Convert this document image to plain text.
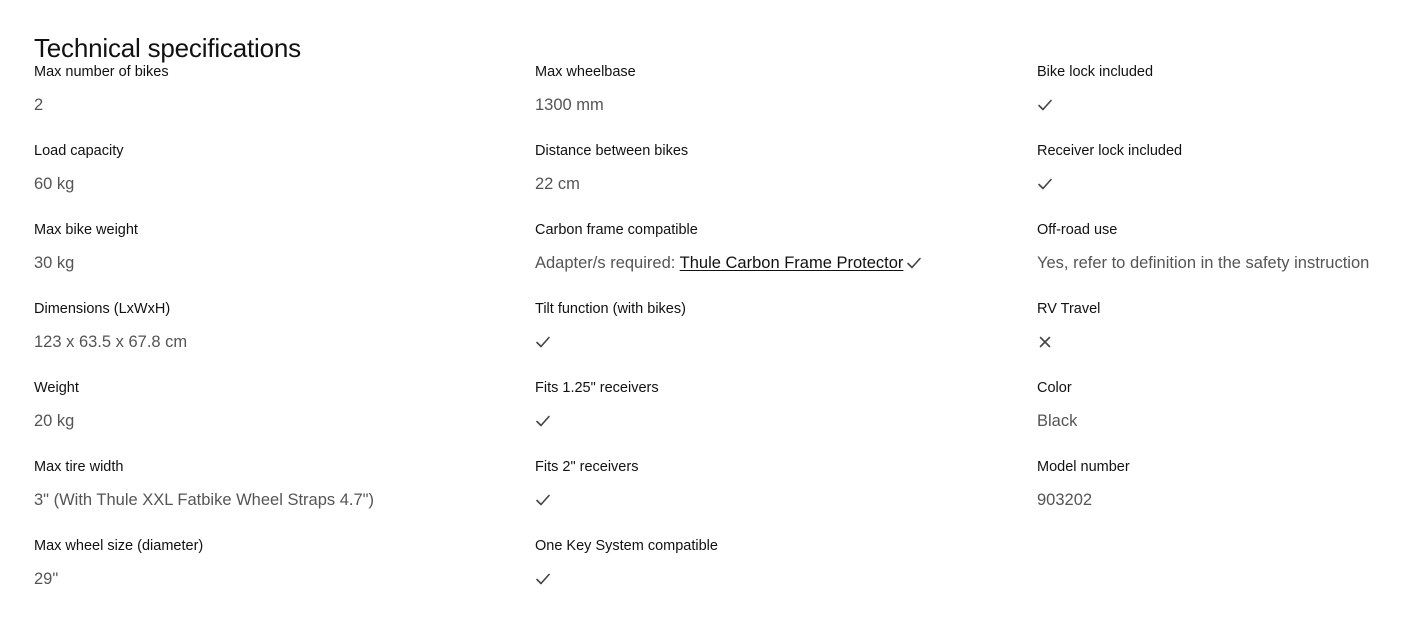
Technical specifications
Max number of bikes
2
Load capacity
60 kg
Max bike weight
30 kg
Dimensions (LxWxH)
123 x 63.5 x 67.8 cm
Weight
20 kg
Max tire width
3" (With Thule XXL Fatbike Wheel Straps 4.7")
Max wheel size (diameter)
29"
Max wheelbase
1300 mm
Distance between bikes
22 cm
Carbon frame compatible
Adapter/s required: Thule Carbon Frame Protector
Tilt function (with bikes)
Fits 1.25" receivers
Fits 2" receivers
One Key System compatible
Bike lock included
Receiver lock included
Off-road use
Yes, refer to definition in the safety instruction
RV Travel
Color
Black
Model number
903202
